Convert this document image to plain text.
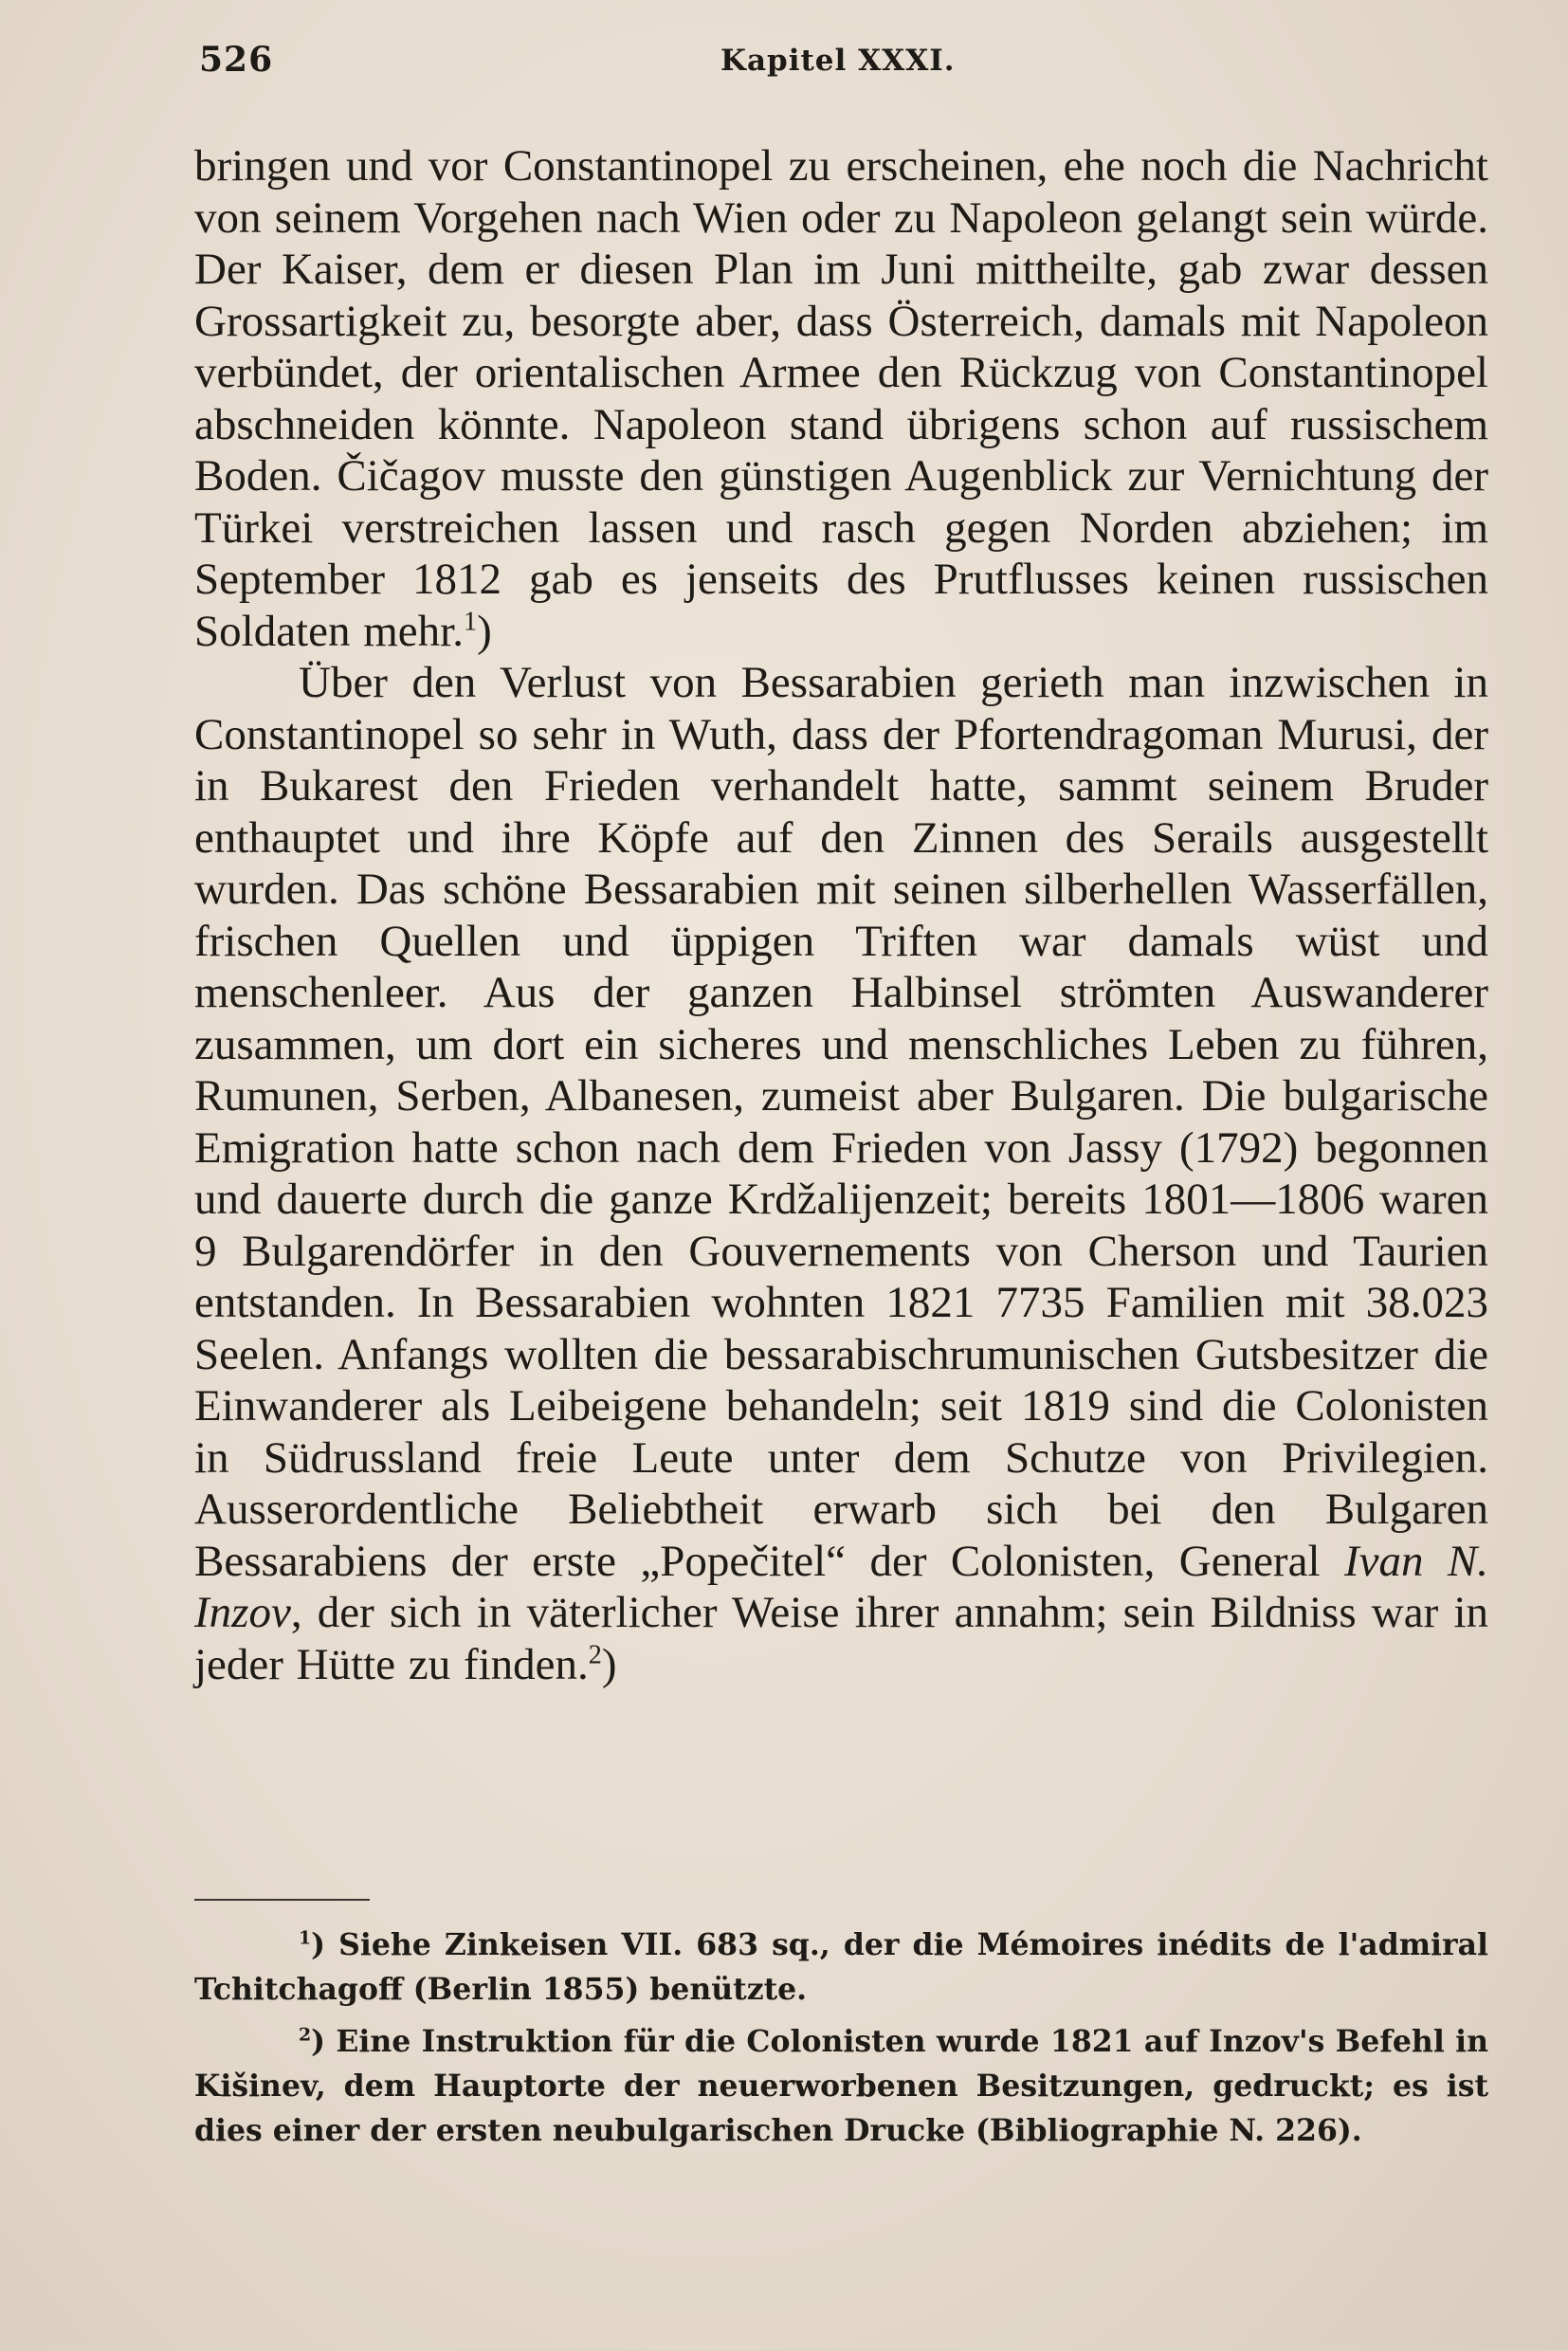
526	Kapitel XXXI.

bringen und vor Constantinopel zu erscheinen, ehe noch die Nachricht von seinem Vorgehen nach Wien oder zu Napoleon gelangt sein würde. Der Kaiser, dem er diesen Plan im Juni mittheilte, gab zwar dessen Grossartigkeit zu, besorgte aber, dass Österreich, damals mit Napoleon verbündet, der orientalischen Armee den Rückzug von Constantinopel abschneiden könnte. Napoleon stand übrigens schon auf russischem Boden. Čičagov musste den günstigen Augenblick zur Vernichtung der Türkei verstreichen lassen und rasch gegen Norden abziehen; im September 1812 gab es jenseits des Prutflusses keinen russischen Soldaten mehr.$^1$)

Über den Verlust von Bessarabien gerieth man inzwischen in Constantinopel so sehr in Wuth, dass der Pfortendragoman Murusi, der in Bukarest den Frieden verhandelt hatte, sammt seinem Bruder enthauptet und ihre Köpfe auf den Zinnen des Serails ausgestellt wurden. Das schöne Bessarabien mit seinen silberhellen Wasserfällen, frischen Quellen und üppigen Triften war damals wüst und menschenleer. Aus der ganzen Halbinsel strömten Auswanderer zusammen, um dort ein sicheres und menschliches Leben zu führen, Rumunen, Serben, Albanesen, zumeist aber Bulgaren. Die bulgarische Emigration hatte schon nach dem Frieden von Jassy (1792) begonnen und dauerte durch die ganze Krdžalijenzeit; bereits 1801—1806 waren 9 Bulgarendörfer in den Gouvernements von Cherson und Taurien entstanden. In Bessarabien wohnten 1821 7735 Familien mit 38.023 Seelen. Anfangs wollten die bessarabischrumunischen Gutsbesitzer die Einwanderer als Leibeigene behandeln; seit 1819 sind die Colonisten in Südrussland freie Leute unter dem Schutze von Privilegien. Ausserordentliche Beliebtheit erwarb sich bei den Bulgaren Bessarabiens der erste „Popečitel“ der Colonisten, General Ivan N. Inzov, der sich in väterlicher Weise ihrer annahm; sein Bildniss war in jeder Hütte zu finden.$^2$)

$^1$) Siehe Zinkeisen VII. 683 sq., der die Mémoires inédits de l'admiral Tchitchagoff (Berlin 1855) benützte.

$^2$) Eine Instruktion für die Colonisten wurde 1821 auf Inzov's Befehl in Kišinev, dem Hauptorte der neuerworbenen Besitzungen, gedruckt; es ist dies einer der ersten neubulgarischen Drucke (Bibliographie N. 226).
